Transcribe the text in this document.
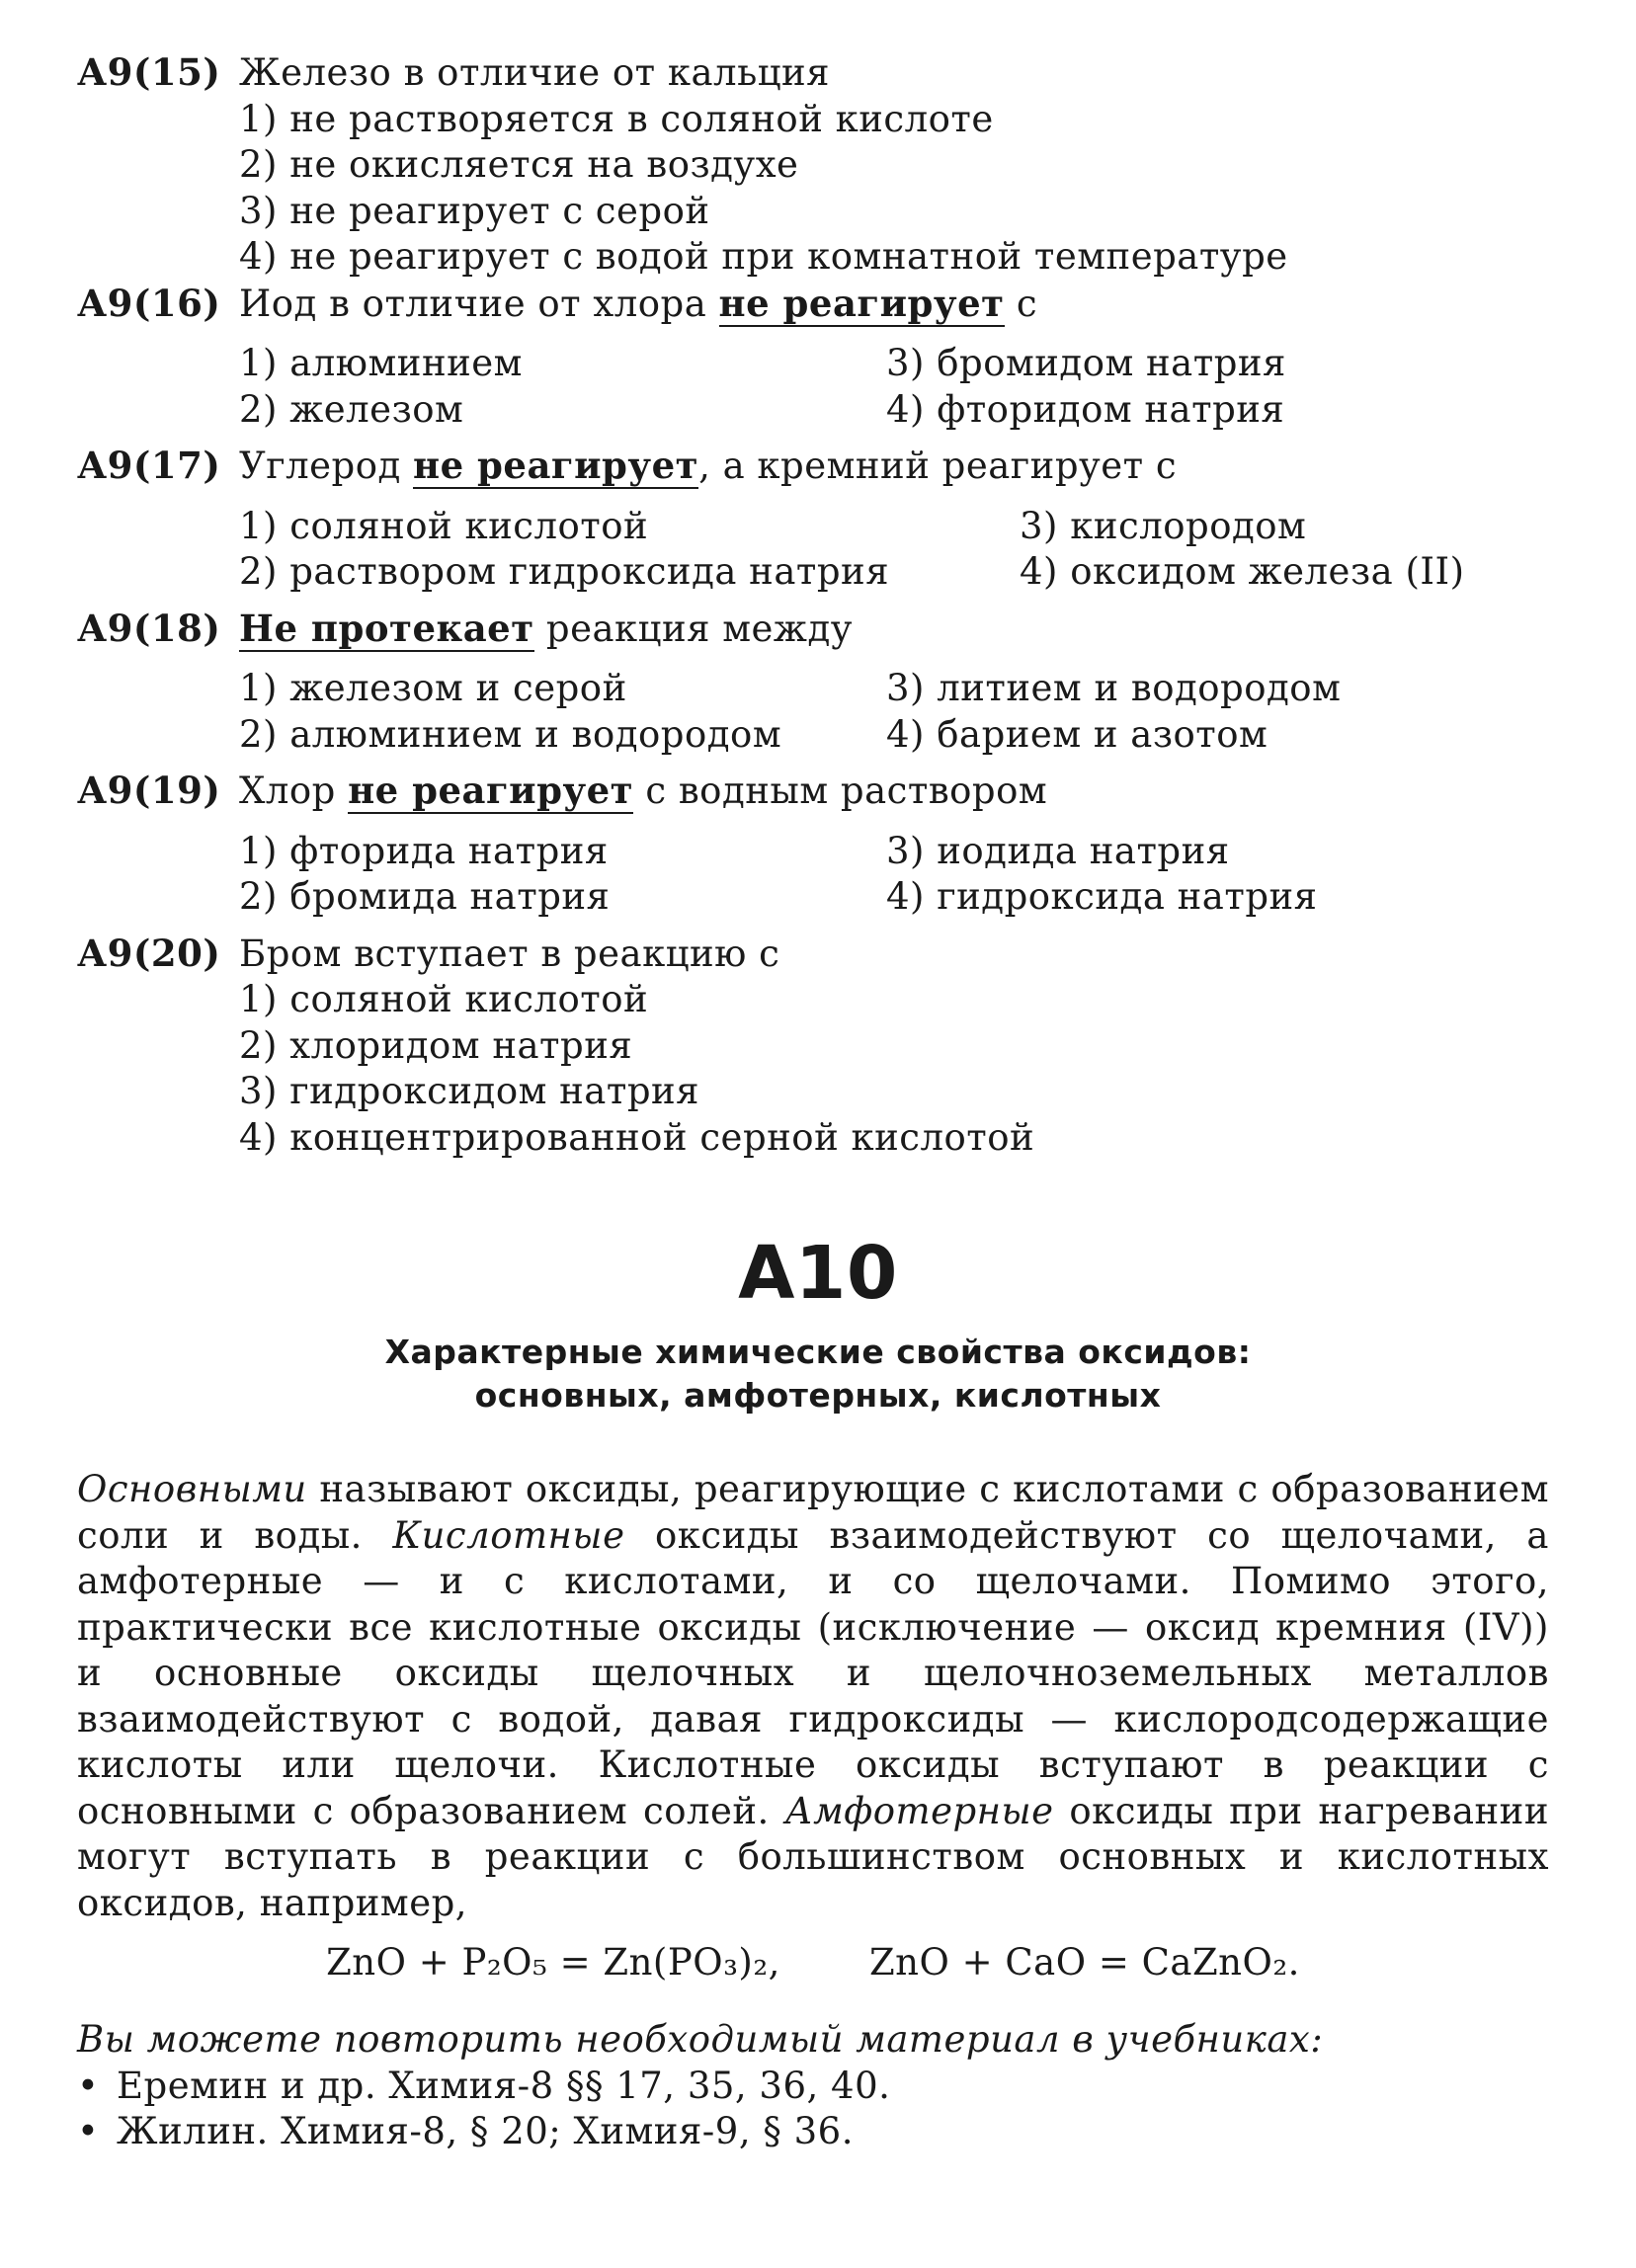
А9(15) Железо в отличие от кальция
1) не растворяется в соляной кислоте
2) не окисляется на воздухе
3) не реагирует с серой
4) не реагирует с водой при комнатной температуре
А9(16) Иод в отличие от хлора не реагирует с
1) алюминием	3) бромидом натрия
2) железом	4) фторидом натрия
А9(17) Углерод не реагирует, а кремний реагирует с
1) соляной кислотой	3) кислородом
2) раствором гидроксида натрия	4) оксидом железа (II)
А9(18) Не протекает реакция между
1) железом и серой	3) литием и водородом
2) алюминием и водородом	4) барием и азотом
А9(19) Хлор не реагирует с водным раствором
1) фторида натрия	3) иодида натрия
2) бромида натрия	4) гидроксида натрия
А9(20) Бром вступает в реакцию с
1) соляной кислотой
2) хлоридом натрия
3) гидроксидом натрия
4) концентрированной серной кислотой
А10
Характерные химические свойства оксидов:
основных, амфотерных, кислотных
Основными называют оксиды, реагирующие с кислотами с образованием соли и воды. Кислотные оксиды взаимодействуют со щелочами, а амфотерные — и с кислотами, и со щелочами. Помимо этого, практически все кислотные оксиды (исключение — оксид кремния (IV)) и основные оксиды щелочных и щелочноземельных металлов взаимодействуют с водой, давая гидроксиды — кислородсодержащие кислоты или щелочи. Кислотные оксиды вступают в реакции с основными с образованием солей. Амфотерные оксиды при нагревании могут вступать в реакции с большинством основных и кислотных оксидов, например,
ZnO + P₂O₅ = Zn(PO₃)₂, ZnO + CaO = CaZnO₂.
Вы можете повторить необходимый материал в учебниках:
• Еремин и др. Химия-8 §§ 17, 35, 36, 40.
• Жилин. Химия-8, § 20; Химия-9, § 36.
